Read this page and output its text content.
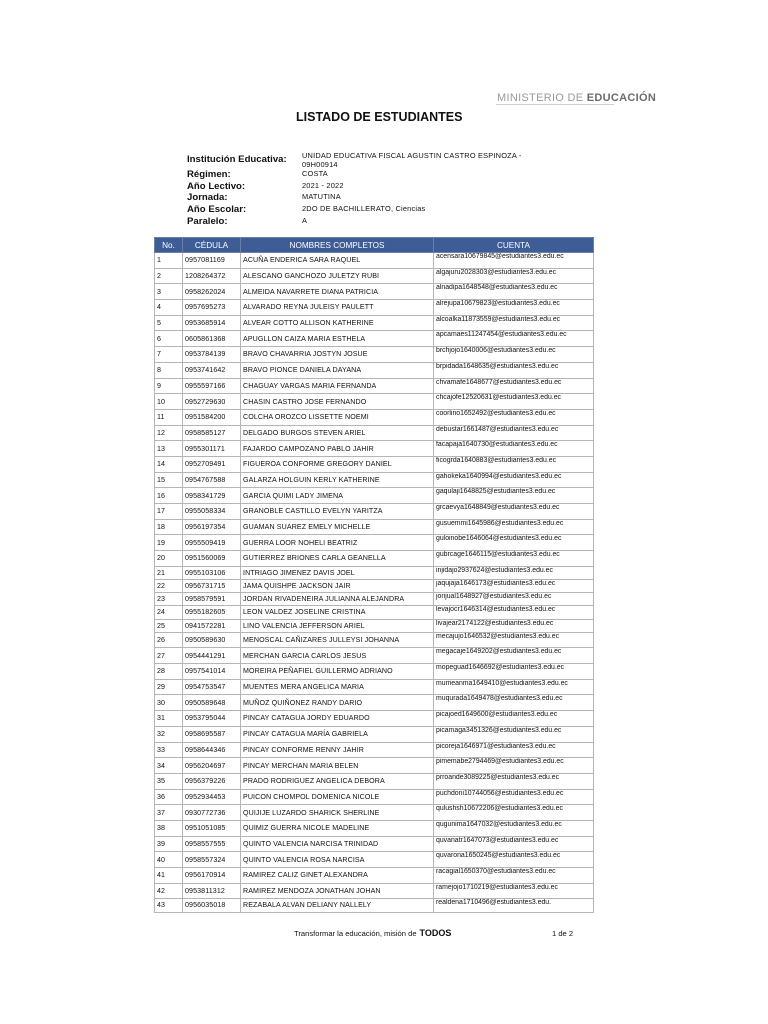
MINISTERIO DE EDUCACIÓN
LISTADO DE ESTUDIANTES
Institución Educativa:	UNIDAD EDUCATIVA FISCAL AGUSTIN CASTRO ESPINOZA - 09H00914
Régimen:	COSTA
Año Lectivo:	2021 - 2022
Jornada:	MATUTINA
Año Escolar:	2DO DE BACHILLERATO, Ciencias
Paralelo:	A
No.	CÉDULA	NOMBRES COMPLETOS	CUENTA
1	0957081169	ACUÑA ENDERICA SARA RAQUEL	acensara10679845@estudiantes3.edu.ec
2	1208264372	ALESCANO GANCHOZO JULETZY RUBI	algajuru2028303@estudiantes3.edu.ec
3	0958262024	ALMEIDA NAVARRETE DIANA PATRICIA	alnadipa1648548@estudiantes3.edu.ec
4	0957695273	ALVARADO REYNA JULEISY PAULETT	alrejupa10679823@estudiantes3.edu.ec
5	0953685914	ALVEAR COTTO ALLISON KATHERINE	alcoalka11873559@estudiantes3.edu.ec
6	0605861368	APUGLLON CAIZA MARIA ESTHELA	apcamaes11247454@estudiantes3.edu.ec
7	0953784139	BRAVO CHAVARRIA JOSTYN JOSUE	brchjojo1640006@estudiantes3.edu.ec
8	0953741642	BRAVO PIONCE DANIELA DAYANA	brpidada1648635@estudiantes3.edu.ec
9	0955597166	CHAGUAY VARGAS MARIA FERNANDA	chvamafe1648677@estudiantes3.edu.ec
10	0952729630	CHASIN CASTRO JOSE FERNANDO	chcajofe12520631@estudiantes3.edu.ec
11	0951584200	COLCHA OROZCO LISSETTE NOEMI	coorlino1652492@estudiantes3.edu.ec
12	0958585127	DELGADO BURGOS STEVEN ARIEL	debustar1661487@estudiantes3.edu.ec
13	0955301171	FAJARDO CAMPOZANO PABLO JAHIR	facapaja1640730@estudiantes3.edu.ec
14	0952709491	FIGUEROA CONFORME GREGORY DANIEL	ficogrda1640883@estudiantes3.edu.ec
15	0954767588	GALARZA HOLGUIN KERLY KATHERINE	gahokeka1640994@estudiantes3.edu.ec
16	0958341729	GARCIA QUIMI LADY JIMENA	gaqulaji1648825@estudiantes3.edu.ec
17	0955058334	GRANOBLE CASTILLO EVELYN YARITZA	grcaevya1648849@estudiantes3.edu.ec
18	0956197354	GUAMAN SUAREZ EMELY MICHELLE	gusuemmi1645986@estudiantes3.edu.ec
19	0955509419	GUERRA LOOR NOHELI BEATRIZ	guloinobe1646064@estudiantes3.edu.ec
20	0951560069	GUTIERREZ BRIONES CARLA GEANELLA	gubrcage1646115@estudiantes3.edu.ec
21	0955103106	INTRIAGO JIMENEZ DAVIS JOEL	injidajo2937624@estudiantes3.edu.ec
22	0956731715	JAMA QUISHPE JACKSON JAIR	jaqujaja1646173@estudiantes3.edu.ec
23	0958579591	JORDAN RIVADENEIRA JULIANNA ALEJANDRA	jorijual1648927@estudiantes3.edu.ec
24	0955182605	LEON VALDEZ JOSELINE CRISTINA	levajocr1646314@estudiantes3.edu.ec
25	0941572281	LINO VALENCIA JEFFERSON ARIEL	livajear2174122@estudiantes3.edu.ec
26	0950589630	MENOSCAL CAÑIZARES JULLEYSI JOHANNA	mecajujo1646532@estudiantes3.edu.ec
27	0954441291	MERCHAN GARCIA CARLOS JESUS	megacaje1649202@estudiantes3.edu.ec
28	0957541014	MOREIRA PEÑAFIEL GUILLERMO ADRIANO	mopeguad1646692@estudiantes3.edu.ec
29	0954753547	MUENTES MERA ANGELICA MARIA	mumeanma1649410@estudiantes3.edu.ec
30	0950589648	MUÑOZ QUIÑONEZ RANDY DARIO	muqurada1649478@estudiantes3.edu.ec
31	0953795044	PINCAY CATAGUA JORDY EDUARDO	picajoed1649600@estudiantes3.edu.ec
32	0958695587	PINCAY CATAGUA MARÍA GABRIELA	picamaga3451326@estudiantes3.edu.ec
33	0958644346	PINCAY CONFORME RENNY JAHIR	picoreja1646971@estudiantes3.edu.ec
34	0956204697	PINCAY MERCHAN MARIA BELEN	pimemabe2794469@estudiantes3.edu.ec
35	0956379226	PRADO RODRIGUEZ ANGELICA DEBORA	prroande3089225@estudiantes3.edu.ec
36	0952934453	PUICON CHOMPOL DOMENICA NICOLE	puchdoni10744056@estudiantes3.edu.ec
37	0930772736	QUIJIJE LUZARDO SHARICK SHERLINE	qulushsh10672206@estudiantes3.edu.ec
38	0951051085	QUIMIZ GUERRA NICOLE MADELINE	qugunima1647032@estudiantes3.edu.ec
39	0958557555	QUINTO VALENCIA NARCISA TRINIDAD	quvanatr1647073@estudiantes3.edu.ec
40	0958557324	QUINTO VALENCIA ROSA NARCISA	quvarona1650245@estudiantes3.edu.ec
41	0956170914	RAMIREZ CALIZ GINET ALEXANDRA	racagial1650370@estudiantes3.edu.ec
42	0953811312	RAMIREZ MENDOZA JONATHAN JOHAN	ramejojo1710219@estudiantes3.edu.ec
43	0956035018	REZABALA ALVAN DELIANY NALLELY	realdena1710496@estudiantes3.edu.
Transformar la educación, misión de TODOS	1 de 2
